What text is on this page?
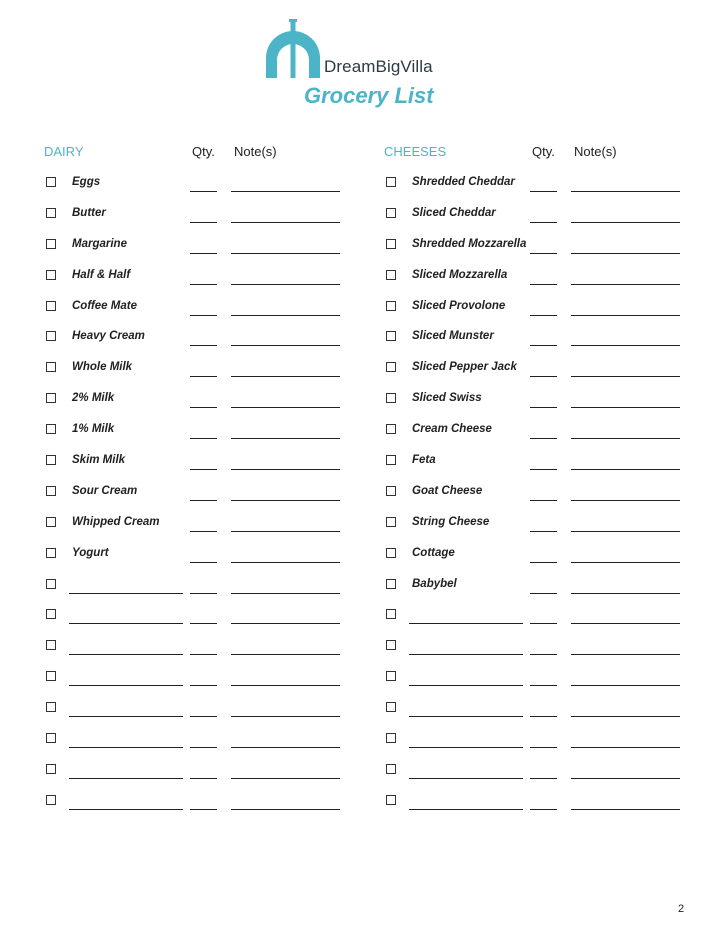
DreamBigVilla
Grocery List
DAIRY	Qty. Note(s)
Eggs
Butter
Margarine
Half & Half
Coffee Mate
Heavy Cream
Whole Milk
2% Milk
1% Milk
Skim Milk
Sour Cream
Whipped Cream
Yogurt
CHEESES	Qty. Note(s)
Shredded Cheddar
Sliced Cheddar
Shredded Mozzarella
Sliced Mozzarella
Sliced Provolone
Sliced Munster
Sliced Pepper Jack
Sliced Swiss
Cream Cheese
Feta
Goat Cheese
String Cheese
Cottage
Babybel
2
